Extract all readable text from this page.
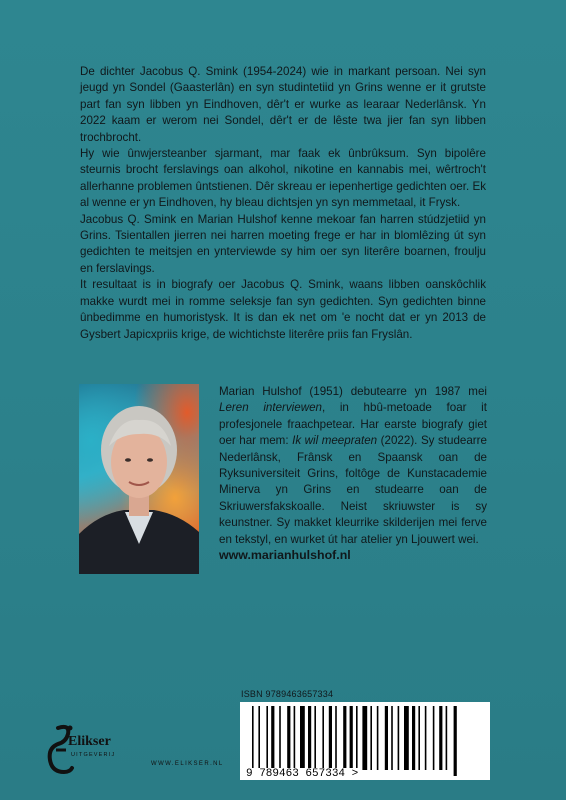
De dichter Jacobus Q. Smink (1954-2024) wie in markant persoan. Nei syn jeugd yn Sondel (Gaasterlân) en syn studintetiid yn Grins wenne er it grutste part fan syn libben yn Eindhoven, dêr't er wurke as learaar Nederlânsk. Yn 2022 kaam er werom nei Sondel, dêr't er de lêste twa jier fan syn libben trochbrocht.

Hy wie ûnwjersteanber sjarmant, mar faak ek ûnbrûksum. Syn bipolêre steurnis brocht ferslavings oan alkohol, nikotine en kannabis mei, wêrtroch't allerhanne problemen ûntstienen. Dêr skreau er iepenhertige gedichten oer. Ek al wenne er yn Eindhoven, hy bleau dichtsjen yn syn memmetaal, it Frysk.

Jacobus Q. Smink en Marian Hulshof kenne mekoar fan harren stúdzjetiid yn Grins. Tsientallen jierren nei harren moeting frege er har in blomlêzing út syn gedichten te meitsjen en ynterviewde sy him oer syn literêre boarnen, froulju en ferslavings.

It resultaat is in biografy oer Jacobus Q. Smink, waans libben oanskôchlik makke wurdt mei in romme seleksje fan syn gedichten. Syn gedichten binne ûnbedimme en humoristysk. It is dan ek net om 'e nocht dat er yn 2013 de Gysbert Japicxpriis krige, de wichtichste literêre priis fan Fryslân.

Marian Hulshof (1951) debutearre yn 1987 mei Leren interviewen, in hbû-metoade foar it profesjonele fraachpetear. Har earste biografy giet oer har mem: Ik wil meepraten (2022). Sy studearre Nederlânsk, Frânsk en Spaansk oan de Ryksuniversiteit Grins, foltôge de Kunstacademie Minerva yn Grins en studearre oan de Skriuwersfakskoalle. Neist skriuwster is sy keunstner. Sy makket kleurrike skilderijen mei ferve en tekstyl, en wurket út har atelier yn Ljouwert wei.

www.marianhulshof.nl
ISBN 9789463657334
9 789463 657334 >
Elikser
UITGEVERIJ
WWW.ELIKSER.NL
